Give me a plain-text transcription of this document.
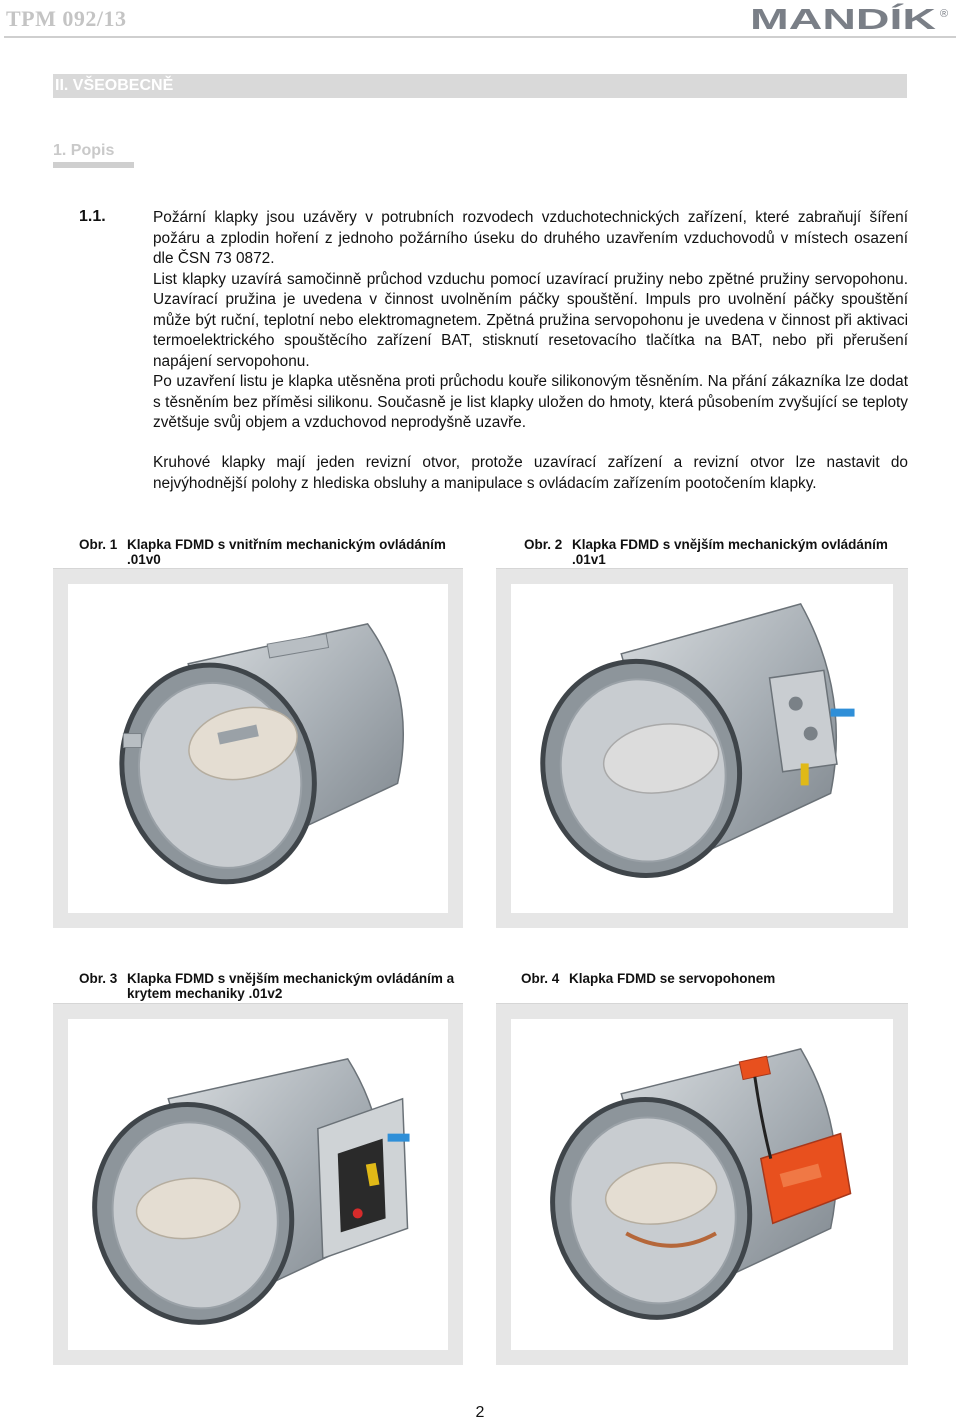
TPM 092/13	MANDÍK	®
II. VŠEOBECNĚ
1. Popis
1.1.	Požární klapky jsou uzávěry v potrubních rozvodech vzduchotechnických zařízení, které zabraňují šíření požáru a zplodin hoření z jednoho požárního úseku do druhého uzavřením vzduchovodů v místech osazení dle ČSN 73 0872.
List klapky uzavírá samočinně průchod vzduchu pomocí uzavírací pružiny nebo zpětné pružiny servopohonu. Uzavírací pružina je uvedena v činnost uvolněním páčky spouštění. Impuls pro uvolnění páčky spouštění může být ruční, teplotní nebo elektromagnetem. Zpětná pružina servopohonu je uvedena v činnost při aktivaci termoelektrického spouštěcího zařízení BAT, stisknutí resetovacího tlačítka na BAT, nebo při přerušení napájení servopohonu.
Po uzavření listu je klapka utěsněna proti průchodu kouře silikonovým těsněním. Na přání zákazníka lze dodat s těsněním bez příměsi silikonu. Současně je list klapky uložen do hmoty, která působením zvyšující se teploty zvětšuje svůj objem a vzduchovod neprodyšně uzavře.
Kruhové klapky mají jeden revizní otvor, protože uzavírací zařízení a revizní otvor lze nastavit do nejvýhodnější polohy z hlediska obsluhy a manipulace s ovládacím zařízením pootočením klapky.
Obr. 1 Klapka FDMD s vnitřním mechanickým ovládáním .01v0
Obr. 2 Klapka FDMD s vnějším mechanickým ovládáním .01v1
Obr. 3 Klapka FDMD s vnějším mechanickým ovládáním a krytem mechaniky .01v2
Obr. 4 Klapka FDMD se servopohonem
2
